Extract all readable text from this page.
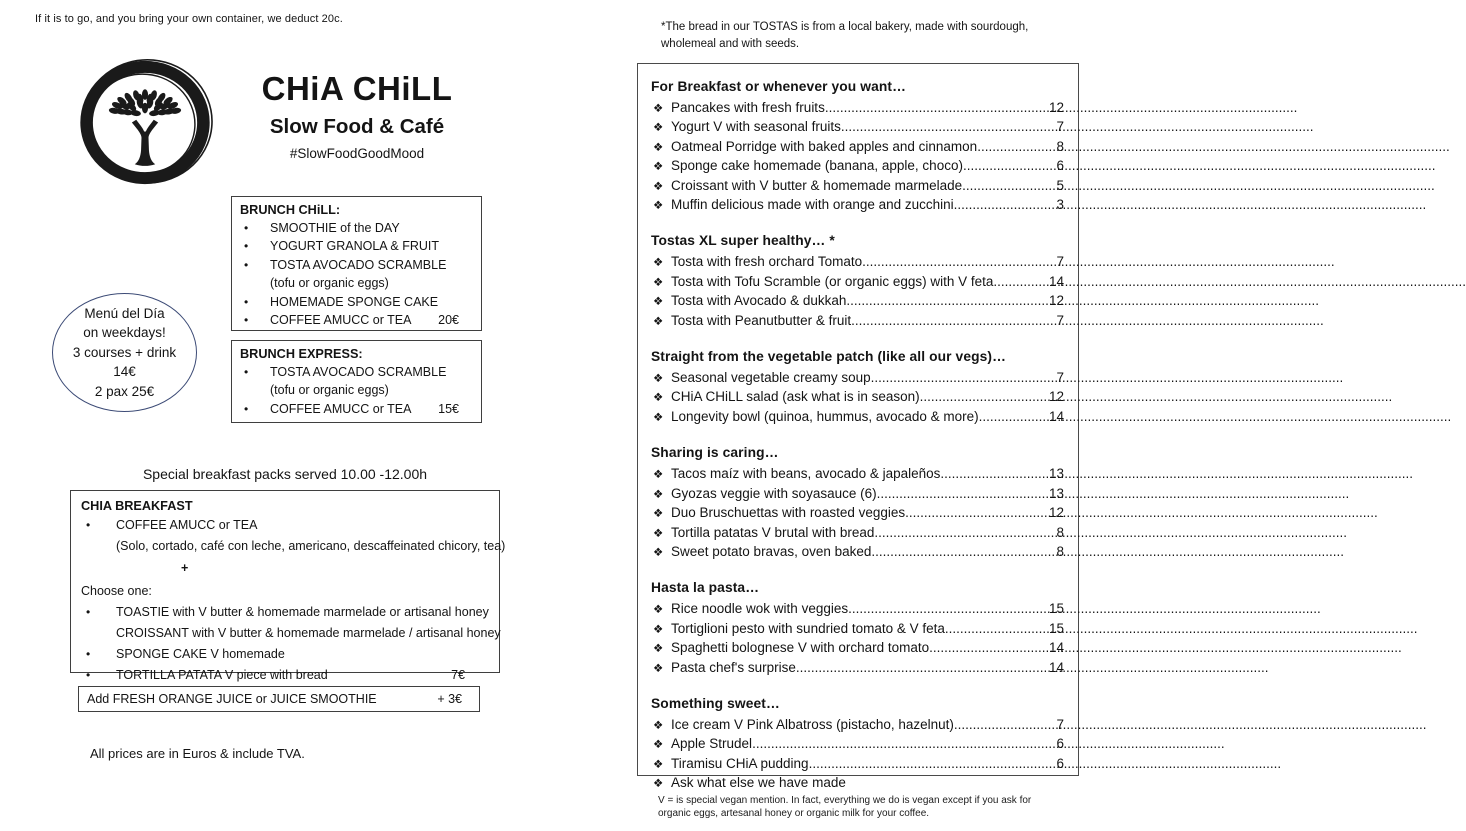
If it is to go, and you bring your own container, we deduct 20c.
CHiA CHiLL
Slow Food & Café
#SlowFoodGoodMood
BRUNCH CHiLL:
•	SMOOTHIE of the DAY
•	YOGURT GRANOLA & FRUIT
•	TOSTA AVOCADO SCRAMBLE
(tofu or organic eggs)
•	HOMEMADE SPONGE CAKE
•	COFFEE AMUCC or TEA 20€
Menú del Día
on weekdays!
3 courses + drink
14€
2 pax 25€
BRUNCH EXPRESS:
•	TOSTA AVOCADO SCRAMBLE
(tofu or organic eggs)
•	COFFEE AMUCC or TEA 15€
Special breakfast packs served 10.00 -12.00h
CHIA BREAKFAST
•	COFFEE AMUCC or TEA
(Solo, cortado, café con leche, americano, descaffeinated chicory, tea)
+
Choose one:
•	TOASTIE with V butter & homemade marmelade or artisanal honey
CROISSANT with V butter & homemade marmelade / artisanal honey
•	SPONGE CAKE V homemade
•	TORTILLA PATATA V piece with bread	7€
Add FRESH ORANGE JUICE or JUICE SMOOTHIE	+ 3€
All prices are in Euros & include TVA.
*The bread in our TOSTAS is from a local bakery, made with sourdough,
wholemeal and with seeds.
For Breakfast or whenever you want…
❖ Pancakes with fresh fruits .....	12
❖ Yogurt V with seasonal fruits .....	7
❖ Oatmeal Porridge with baked apples and cinnamon .....	8
❖ Sponge cake homemade (banana, apple, choco) .....	6
❖ Croissant with V butter & homemade marmelade .....	5
❖ Muffin delicious made with orange and zucchini .....	3
Tostas XL super healthy… *
❖ Tosta with fresh orchard Tomato .....	7
❖ Tosta with Tofu Scramble (or organic eggs) with V feta .....	14
❖ Tosta with Avocado & dukkah .....	12
❖ Tosta with Peanutbutter & fruit .....	7
Straight from the vegetable patch (like all our vegs)…
❖ Seasonal vegetable creamy soup .....	7
❖ CHiA CHiLL salad (ask what is in season) .....	12
❖ Longevity bowl (quinoa, hummus, avocado & more) .....	14
Sharing is caring…
❖ Tacos maíz with beans, avocado & japaleños .....	13
❖ Gyozas veggie with soyasauce (6) .....	13
❖ Duo Bruschuettas with roasted veggies .....	12
❖ Tortilla patatas V brutal with bread .....	8
❖ Sweet potato bravas, oven baked .....	8
Hasta la pasta…
❖ Rice noodle wok with veggies .....	15
❖ Tortiglioni pesto with sundried tomato & V feta .....	15
❖ Spaghetti bolognese V with orchard tomato .....	14
❖ Pasta chef's surprise .....	14
Something sweet…
❖ Ice cream V Pink Albatross (pistacho, hazelnut) .....	7
❖ Apple Strudel .....	6
❖ Tiramisu CHiA pudding .....	6
❖ Ask what else we have made
V = is special vegan mention. In fact, everything we do is vegan except if you ask for
organic eggs, artesanal honey or organic milk for your coffee.
